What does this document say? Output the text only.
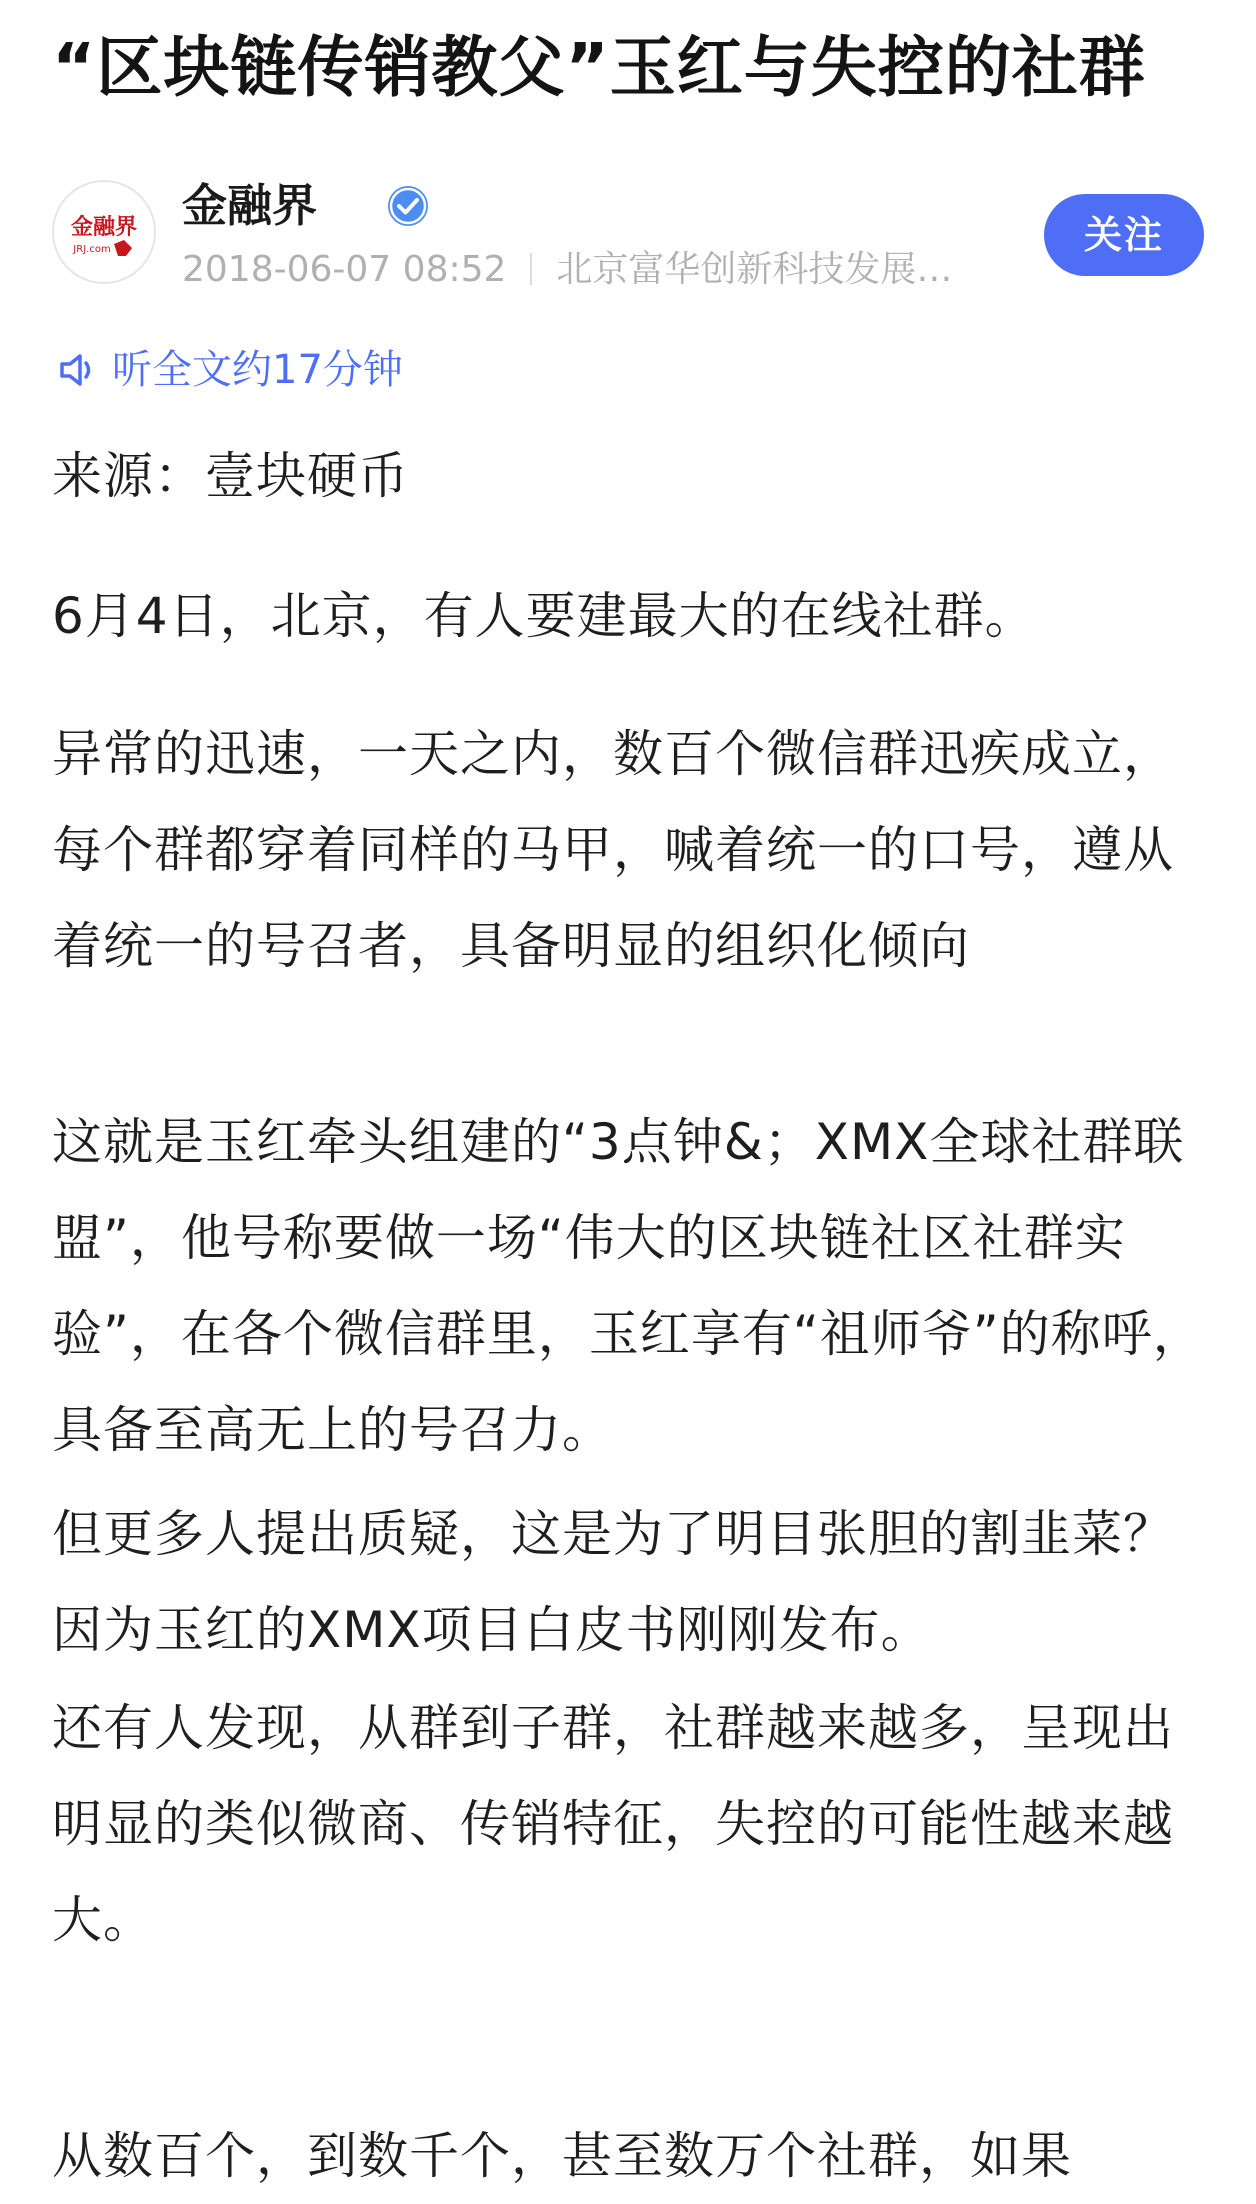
“区块链传销教父”玉红与失控的社群
金融界
JRJ.com
金融界
2018-06-07 08:52 北京富华创新科技发展…
关注
听全文约17分钟

来源：壹块硬币

6月4日，北京，有人要建最大的在线社群。

异常的迅速，一天之内，数百个微信群迅疾成立，每个群都穿着同样的马甲，喊着统一的口号，遵从着统一的号召者，具备明显的组织化倾向

这就是玉红牵头组建的“3点钟&；XMX全球社群联盟”，他号称要做一场“伟大的区块链社区社群实验”，在各个微信群里，玉红享有“祖师爷”的称呼，具备至高无上的号召力。

但更多人提出质疑，这是为了明目张胆的割韭菜？因为玉红的XMX项目白皮书刚刚发布。

还有人发现，从群到子群，社群越来越多，呈现出明显的类似微商、传销特征，失控的可能性越来越大。

从数百个，到数千个，甚至数万个社群，如果
